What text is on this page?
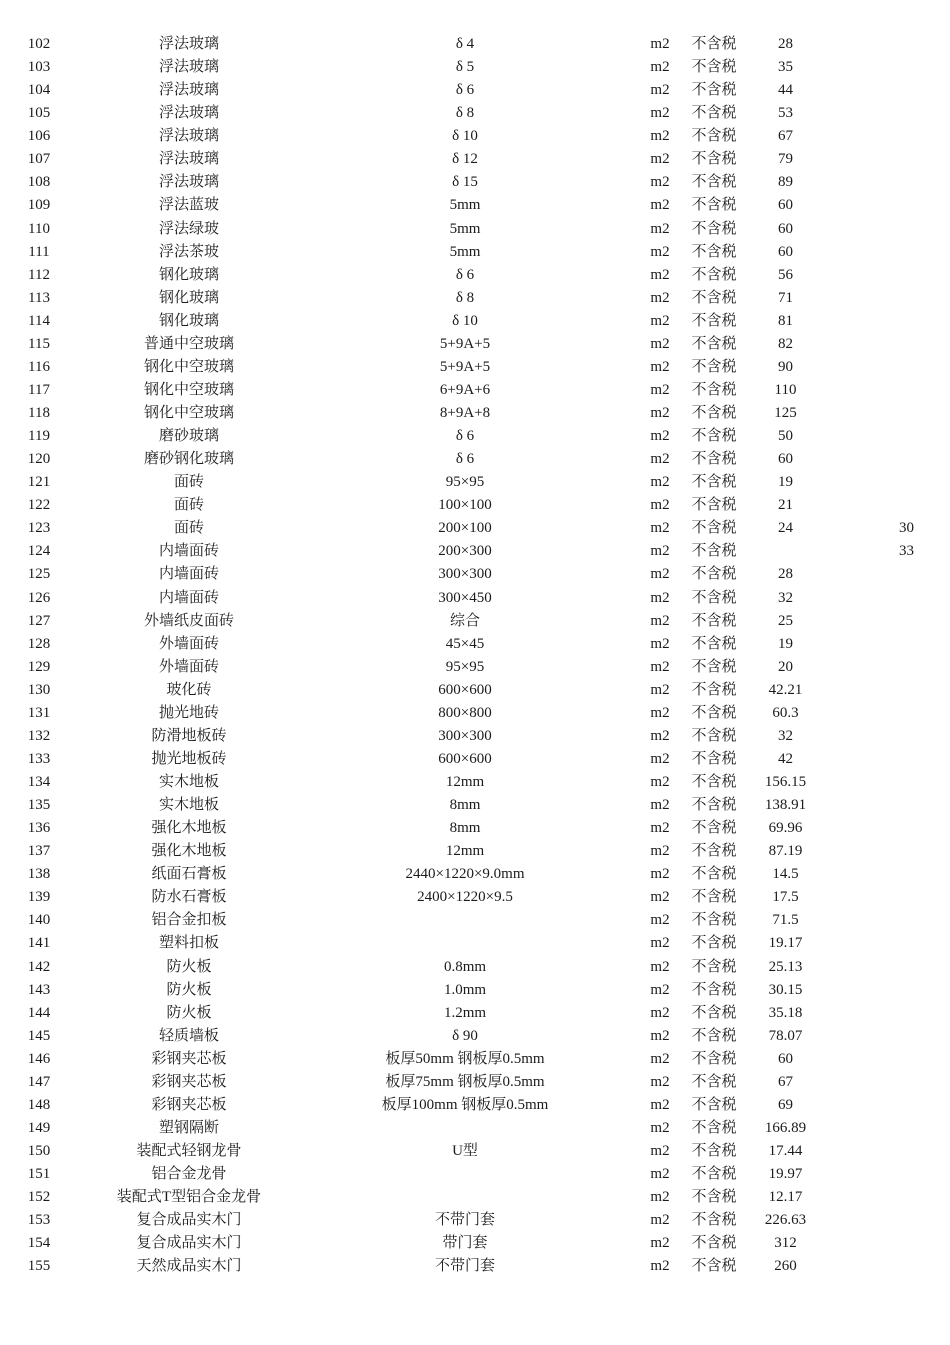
102	浮法玻璃	δ 4	m2	不含税	28		
103	浮法玻璃	δ 5	m2	不含税	35		
104	浮法玻璃	δ 6	m2	不含税	44		
105	浮法玻璃	δ 8	m2	不含税	53		
106	浮法玻璃	δ 10	m2	不含税	67		
107	浮法玻璃	δ 12	m2	不含税	79		
108	浮法玻璃	δ 15	m2	不含税	89		
109	浮法蓝玻	5mm	m2	不含税	60		
110	浮法绿玻	5mm	m2	不含税	60		
111	浮法茶玻	5mm	m2	不含税	60		
112	钢化玻璃	δ 6	m2	不含税	56		
113	钢化玻璃	δ 8	m2	不含税	71		
114	钢化玻璃	δ 10	m2	不含税	81		
115	普通中空玻璃	5+9A+5	m2	不含税	82		
116	钢化中空玻璃	5+9A+5	m2	不含税	90		
117	钢化中空玻璃	6+9A+6	m2	不含税	110		
118	钢化中空玻璃	8+9A+8	m2	不含税	125		
119	磨砂玻璃	δ 6	m2	不含税	50		
120	磨砂钢化玻璃	δ 6	m2	不含税	60		
121	面砖	95×95	m2	不含税	19		
122	面砖	100×100	m2	不含税	21		
123	面砖	200×100	m2	不含税	24		30
124	内墙面砖	200×300	m2	不含税			33
125	内墙面砖	300×300	m2	不含税	28		
126	内墙面砖	300×450	m2	不含税	32		
127	外墙纸皮面砖	综合	m2	不含税	25		
128	外墙面砖	45×45	m2	不含税	19		
129	外墙面砖	95×95	m2	不含税	20		
130	玻化砖	600×600	m2	不含税	42.21		
131	抛光地砖	800×800	m2	不含税	60.3		
132	防滑地板砖	300×300	m2	不含税	32		
133	抛光地板砖	600×600	m2	不含税	42		
134	实木地板	12mm	m2	不含税	156.15		
135	实木地板	8mm	m2	不含税	138.91		
136	强化木地板	8mm	m2	不含税	69.96		
137	强化木地板	12mm	m2	不含税	87.19		
138	纸面石膏板	2440×1220×9.0mm	m2	不含税	14.5		
139	防水石膏板	2400×1220×9.5	m2	不含税	17.5		
140	铝合金扣板		m2	不含税	71.5		
141	塑料扣板		m2	不含税	19.17		
142	防火板	0.8mm	m2	不含税	25.13		
143	防火板	1.0mm	m2	不含税	30.15		
144	防火板	1.2mm	m2	不含税	35.18		
145	轻质墙板	δ 90	m2	不含税	78.07		
146	彩钢夹芯板	板厚50mm 钢板厚0.5mm	m2	不含税	60		
147	彩钢夹芯板	板厚75mm 钢板厚0.5mm	m2	不含税	67		
148	彩钢夹芯板	板厚100mm 钢板厚0.5mm	m2	不含税	69		
149	塑钢隔断		m2	不含税	166.89		
150	装配式轻钢龙骨	U型	m2	不含税	17.44		
151	铝合金龙骨		m2	不含税	19.97		
152	装配式T型铝合金龙骨		m2	不含税	12.17		
153	复合成品实木门	不带门套	m2	不含税	226.63		
154	复合成品实木门	带门套	m2	不含税	312		
155	天然成品实木门	不带门套	m2	不含税	260		
